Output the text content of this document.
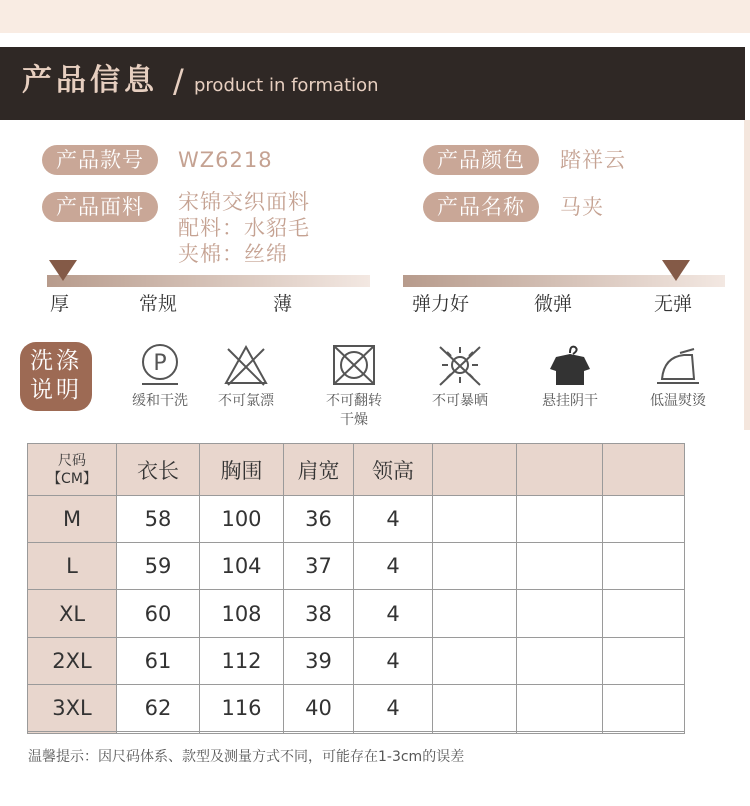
产品信息 / product in formation
产品款号	WZ6218
产品面料	宋锦交织面料
配料：水貂毛
夹棉：丝绵
产品颜色	踏祥云
产品名称	马夹
厚	常规	薄	弹力好	微弹	无弹
洗涤
说明
P
缓和干洗	不可氯漂	不可翻转
干燥
不可暴晒	悬挂阴干	低温熨烫
尺码
【CM】	衣长	胸围	肩宽	领高			
M	58	100	36	4			
L	59	104	37	4			
XL	60	108	38	4			
2XL	61	112	39	4			
3XL	62	116	40	4			

温馨提示：因尺码体系、款型及测量方式不同，可能存在1-3cm的误差
